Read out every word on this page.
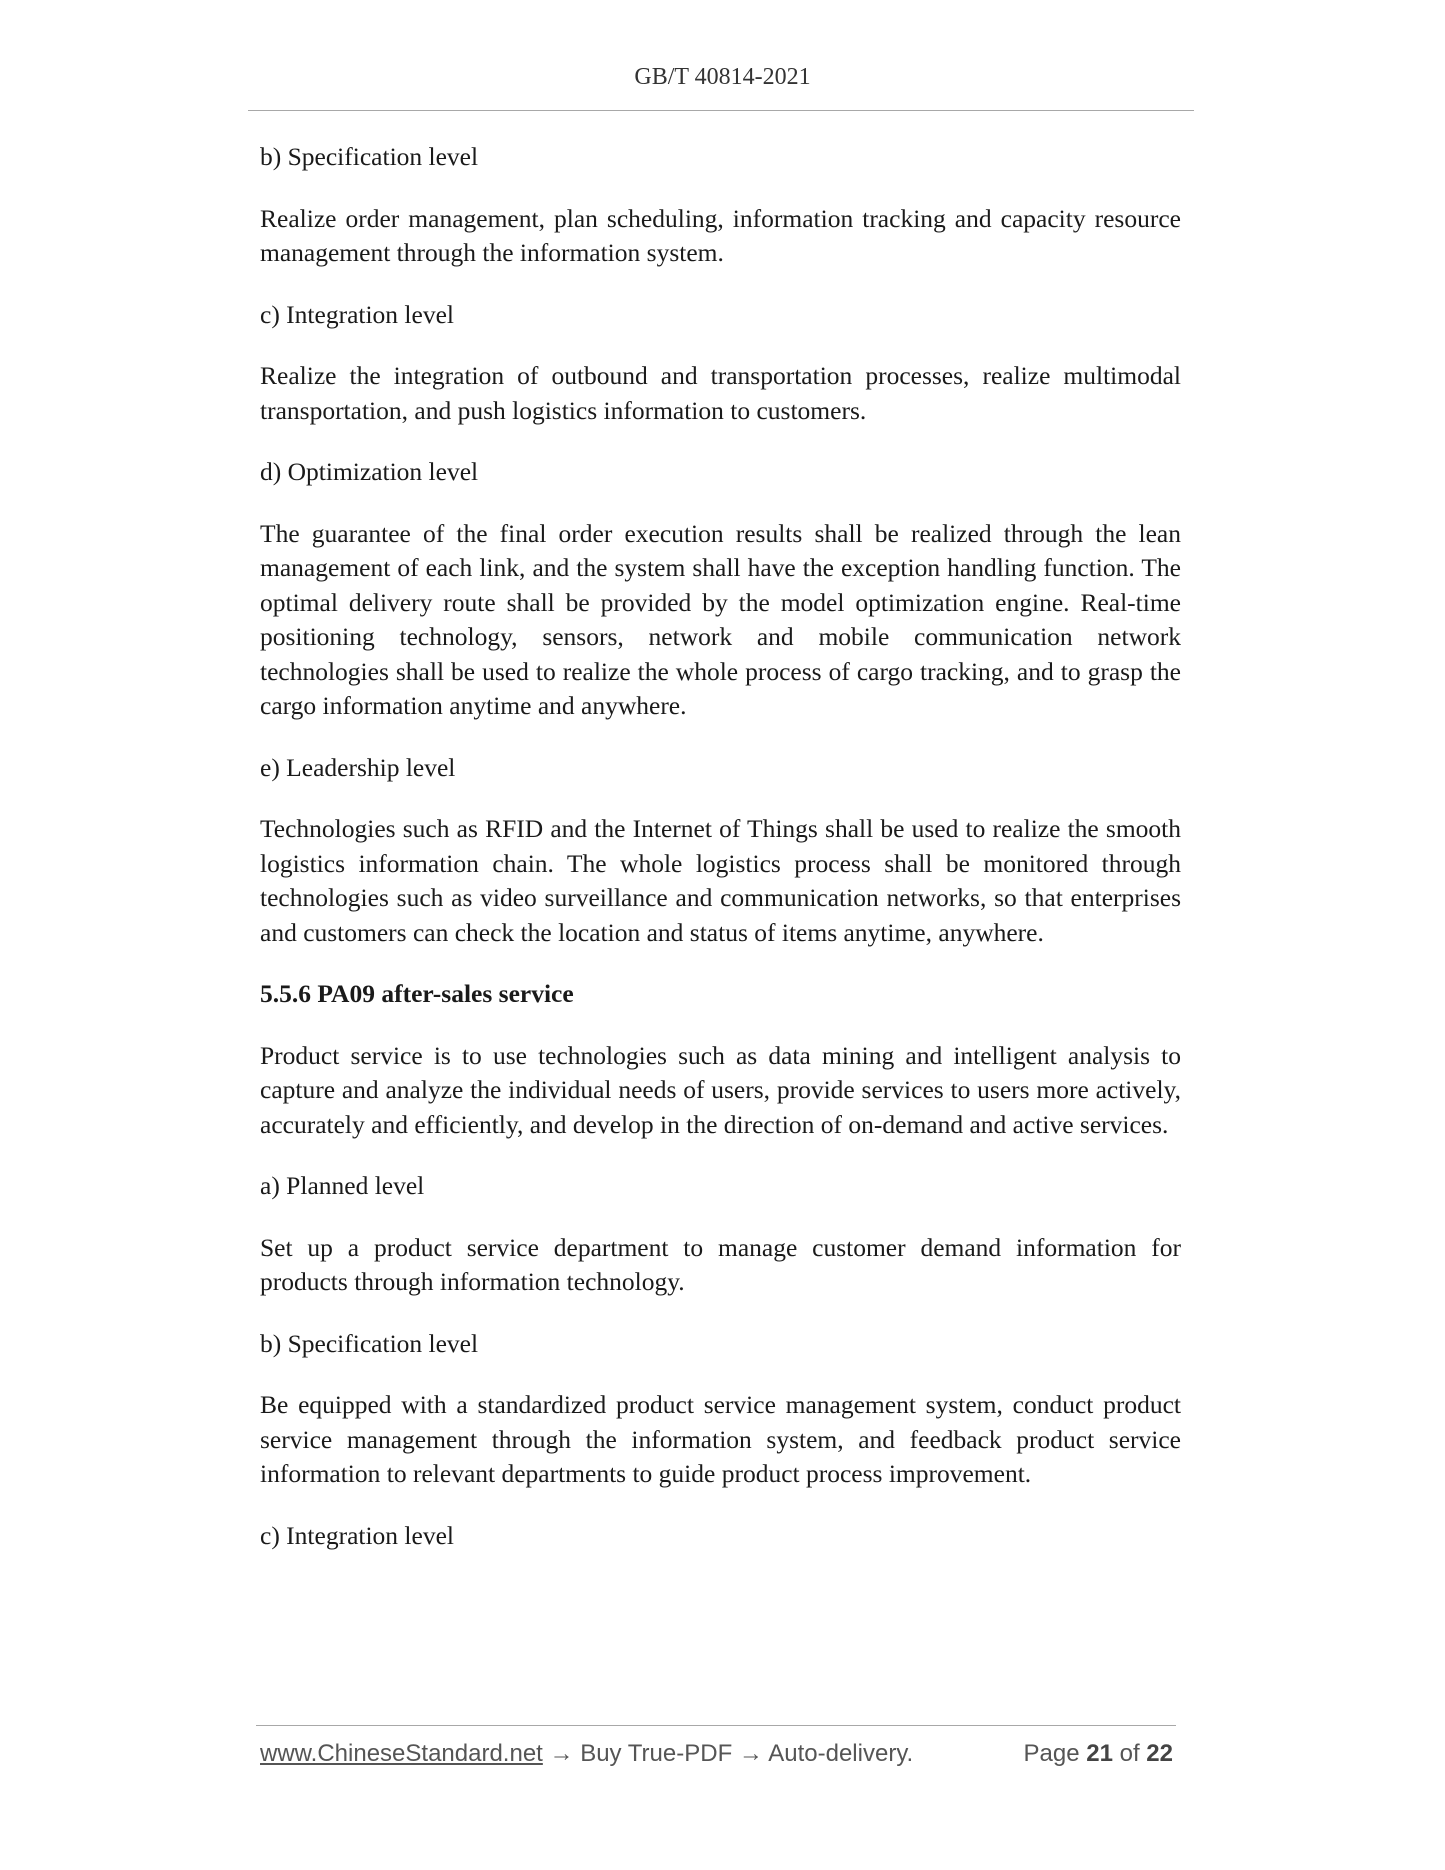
GB/T 40814-2021

b) Specification level

Realize order management, plan scheduling, information tracking and capacity resource management through the information system.

c) Integration level

Realize the integration of outbound and transportation processes, realize multimodal transportation, and push logistics information to customers.

d) Optimization level

The guarantee of the final order execution results shall be realized through the lean management of each link, and the system shall have the exception handling function. The optimal delivery route shall be provided by the model optimization engine. Real-time positioning technology, sensors, network and mobile communication network technologies shall be used to realize the whole process of cargo tracking, and to grasp the cargo information anytime and anywhere.

e) Leadership level

Technologies such as RFID and the Internet of Things shall be used to realize the smooth logistics information chain. The whole logistics process shall be monitored through technologies such as video surveillance and communication networks, so that enterprises and customers can check the location and status of items anytime, anywhere.

5.5.6 PA09 after-sales service

Product service is to use technologies such as data mining and intelligent analysis to capture and analyze the individual needs of users, provide services to users more actively, accurately and efficiently, and develop in the direction of on-demand and active services.

a) Planned level

Set up a product service department to manage customer demand information for products through information technology.

b) Specification level

Be equipped with a standardized product service management system, conduct product service management through the information system, and feedback product service information to relevant departments to guide product process improvement.

c) Integration level

www.ChineseStandard.net → Buy True-PDF → Auto-delivery.	Page 21 of 22
